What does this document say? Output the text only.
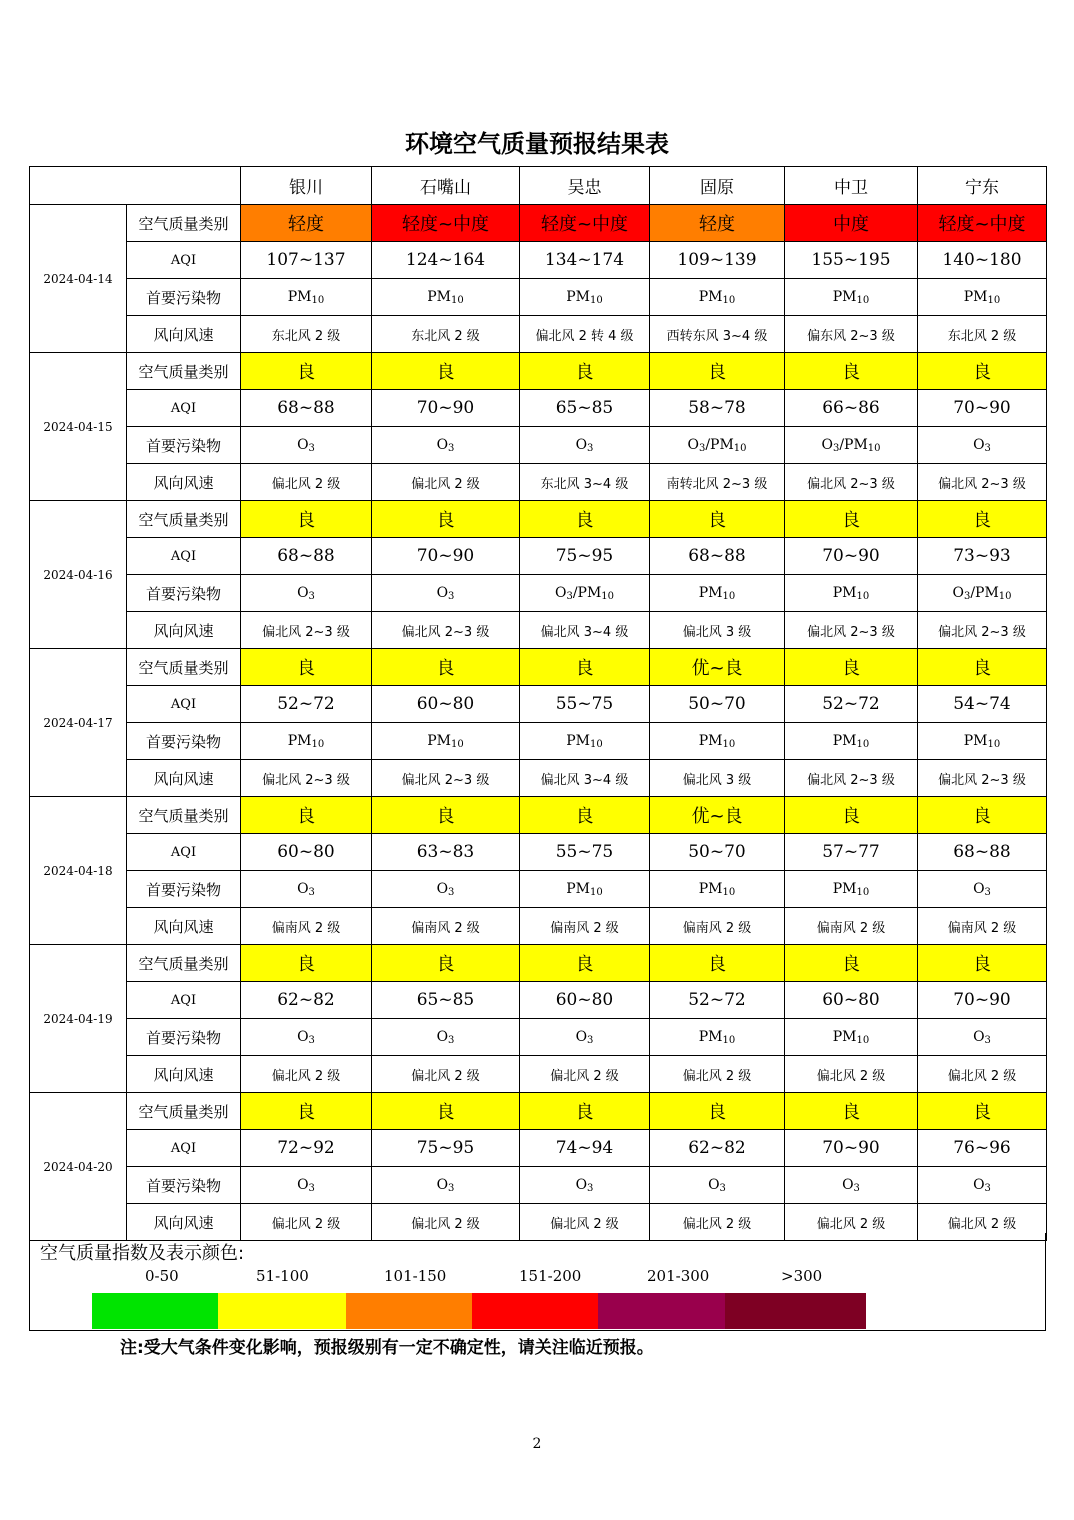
环境空气质量预报结果表
		银川	石嘴山	吴忠	固原	中卫	宁东
2024-04-14	空气质量类别	轻度	轻度~中度	轻度~中度	轻度	中度	轻度~中度
	AQI	107~137	124~164	134~174	109~139	155~195	140~180
	首要污染物	$PM_{10}$	$PM_{10}$	$PM_{10}$	$PM_{10}$	$PM_{10}$	$PM_{10}$
	风向风速	东北风 2 级	东北风 2 级	偏北风 2 转 4 级	西转东风 3~4 级	偏东风 2~3 级	东北风 2 级
2024-04-15	空气质量类别	良	良	良	良	良	良
	AQI	68~88	70~90	65~85	58~78	66~86	70~90
	首要污染物	$O_3$	$O_3$	$O_3$	$O_3/PM_{10}$	$O_3/PM_{10}$	$O_3$
	风向风速	偏北风 2 级	偏北风 2 级	东北风 3~4 级	南转北风 2~3 级	偏北风 2~3 级	偏北风 2~3 级
2024-04-16	空气质量类别	良	良	良	良	良	良
	AQI	68~88	70~90	75~95	68~88	70~90	73~93
	首要污染物	$O_3$	$O_3$	$O_3/PM_{10}$	$PM_{10}$	$PM_{10}$	$O_3/PM_{10}$
	风向风速	偏北风 2~3 级	偏北风 2~3 级	偏北风 3~4 级	偏北风 3 级	偏北风 2~3 级	偏北风 2~3 级
2024-04-17	空气质量类别	良	良	良	优~良	良	良
	AQI	52~72	60~80	55~75	50~70	52~72	54~74
	首要污染物	$PM_{10}$	$PM_{10}$	$PM_{10}$	$PM_{10}$	$PM_{10}$	$PM_{10}$
	风向风速	偏北风 2~3 级	偏北风 2~3 级	偏北风 3~4 级	偏北风 3 级	偏北风 2~3 级	偏北风 2~3 级
2024-04-18	空气质量类别	良	良	良	优~良	良	良
	AQI	60~80	63~83	55~75	50~70	57~77	68~88
	首要污染物	$O_3$	$O_3$	$PM_{10}$	$PM_{10}$	$PM_{10}$	$O_3$
	风向风速	偏南风 2 级	偏南风 2 级	偏南风 2 级	偏南风 2 级	偏南风 2 级	偏南风 2 级
2024-04-19	空气质量类别	良	良	良	良	良	良
	AQI	62~82	65~85	60~80	52~72	60~80	70~90
	首要污染物	$O_3$	$O_3$	$O_3$	$PM_{10}$	$PM_{10}$	$O_3$
	风向风速	偏北风 2 级	偏北风 2 级	偏北风 2 级	偏北风 2 级	偏北风 2 级	偏北风 2 级
2024-04-20	空气质量类别	良	良	良	良	良	良
	AQI	72~92	75~95	74~94	62~82	70~90	76~96
	首要污染物	$O_3$	$O_3$	$O_3$	$O_3$	$O_3$	$O_3$
	风向风速	偏北风 2 级	偏北风 2 级	偏北风 2 级	偏北风 2 级	偏北风 2 级	偏北风 2 级
空气质量指数及表示颜色:
0-50	51-100	101-150	151-200	201-300	>300
注:受大气条件变化影响，预报级别有一定不确定性，请关注临近预报。
2
